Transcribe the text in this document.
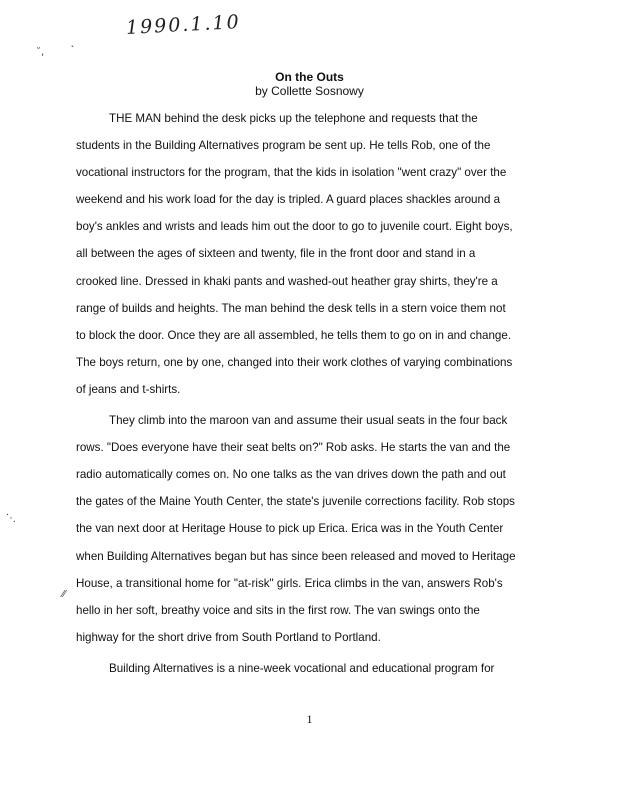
1990.1.10
˘,
˛
⋱
⁄⁄
On the Outs
by Collette Sosnowy

THE MAN behind the desk picks up the telephone and requests that the
students in the Building Alternatives program be sent up. He tells Rob, one of the
vocational instructors for the program, that the kids in isolation "went crazy" over the
weekend and his work load for the day is tripled. A guard places shackles around a
boy's ankles and wrists and leads him out the door to go to juvenile court. Eight boys,
all between the ages of sixteen and twenty, file in the front door and stand in a
crooked line. Dressed in khaki pants and washed-out heather gray shirts, they're a
range of builds and heights. The man behind the desk tells in a stern voice them not
to block the door. Once they are all assembled, he tells them to go on in and change.
The boys return, one by one, changed into their work clothes of varying combinations
of jeans and t-shirts.

They climb into the maroon van and assume their usual seats in the four back
rows. "Does everyone have their seat belts on?" Rob asks. He starts the van and the
radio automatically comes on. No one talks as the van drives down the path and out
the gates of the Maine Youth Center, the state's juvenile corrections facility. Rob stops
the van next door at Heritage House to pick up Erica. Erica was in the Youth Center
when Building Alternatives began but has since been released and moved to Heritage
House, a transitional home for "at-risk" girls. Erica climbs in the van, answers Rob's
hello in her soft, breathy voice and sits in the first row. The van swings onto the
highway for the short drive from South Portland to Portland.

Building Alternatives is a nine-week vocational and educational program for

1
